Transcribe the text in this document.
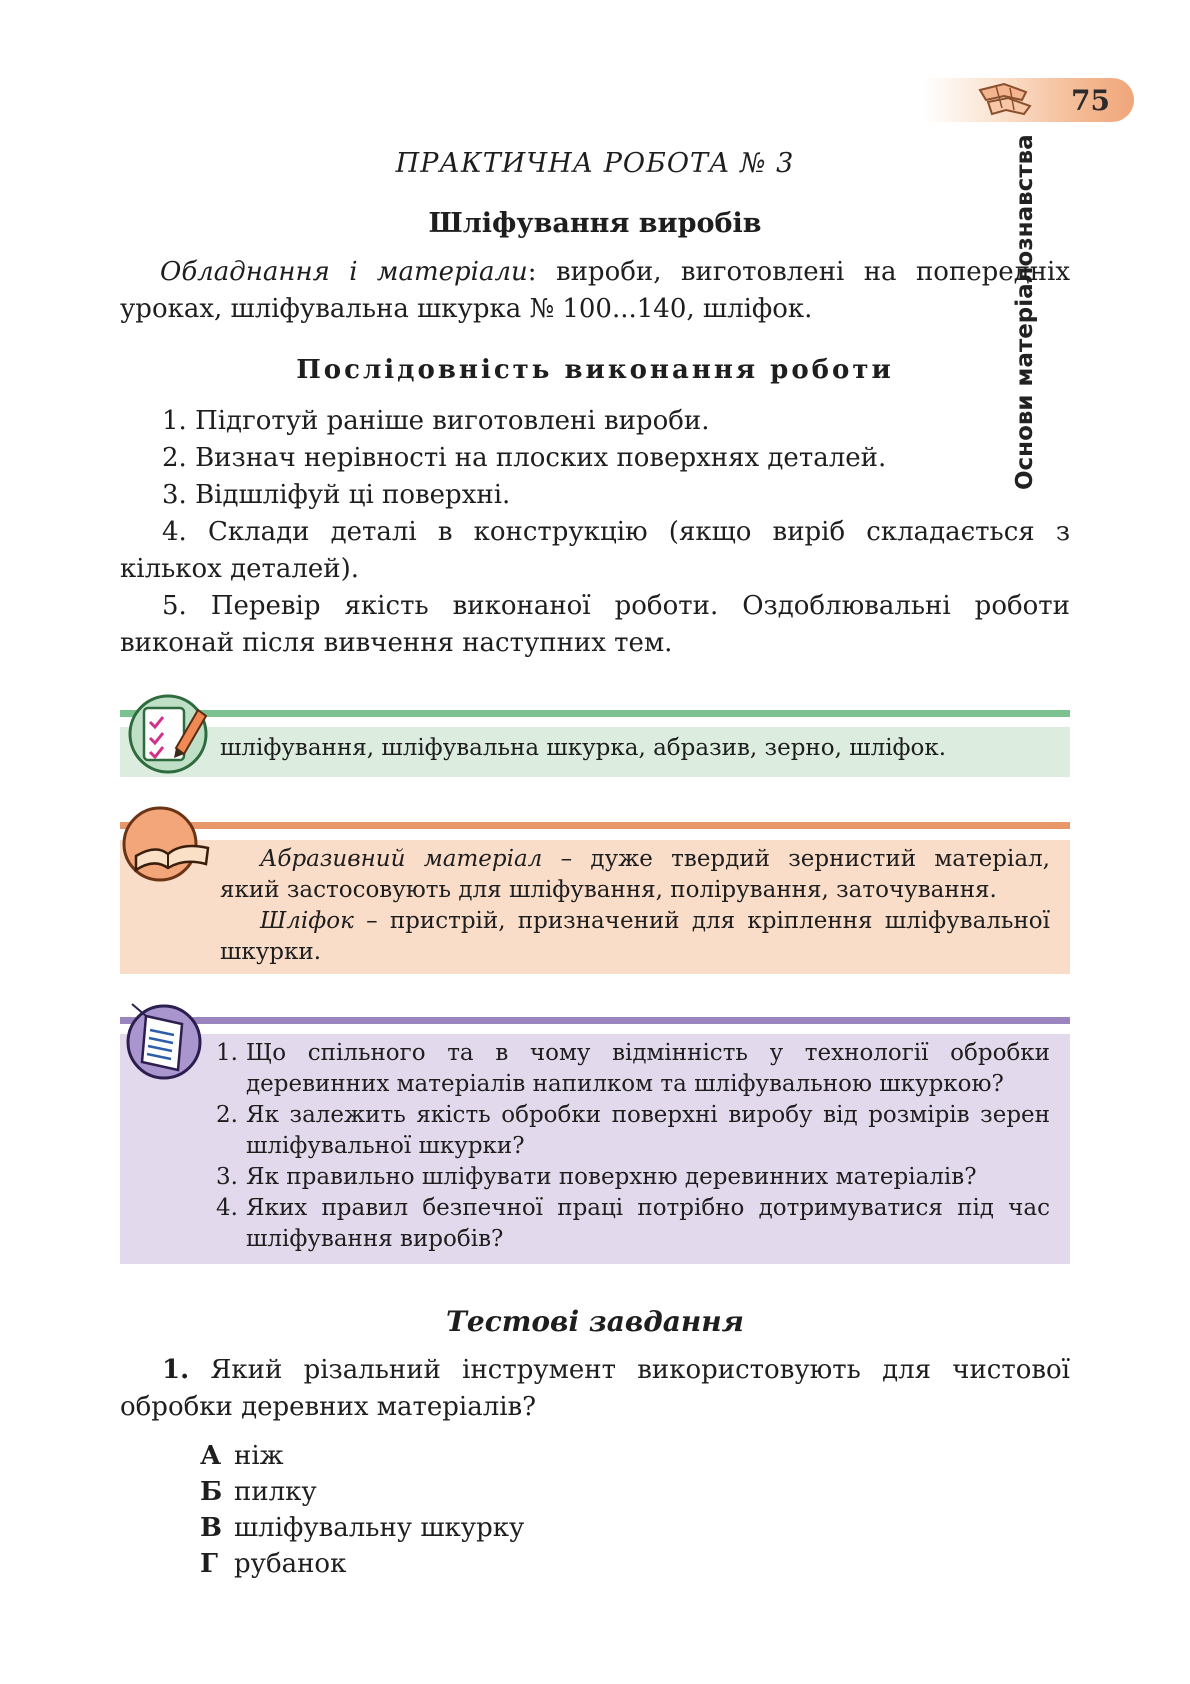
75
Основи матеріалознавства
ПРАКТИЧНА РОБОТА № 3
Шліфування виробів
Обладнання і матеріали: вироби, виготовлені на попередніх уроках, шліфувальна шкурка № 100...140, шліфок.
Послідовність виконання роботи

1. Підготуй раніше виготовлені вироби.

2. Визнач нерівності на плоских поверхнях деталей.

3. Відшліфуй ці поверхні.

4. Склади деталі в конструкцію (якщо виріб складається з кількох деталей).

5. Перевір якість виконаної роботи. Оздоблювальні роботи виконай після вивчення наступних тем.

шліфування, шліфувальна шкурка, абразив, зерно, шліфок.

Абразивний матеріал – дуже твердий зернистий матеріал, який застосовують для шліфування, полірування, заточування.

Шліфок – пристрій, призначений для кріплення шліфувальної шкурки.

1. Що спільного та в чому відмінність у технології обробки деревинних матеріалів напилком та шліфувальною шкуркою?
2. Як залежить якість обробки поверхні виробу від розмірів зерен шліфувальної шкурки?
3. Як правильно шліфувати поверхню деревинних матеріалів?
4. Яких правил безпечної праці потрібно дотримуватися під час шліфування виробів?
Тестові завдання
1. Який різальний інструмент використовують для чистової обробки деревних матеріалів?
А ніж
Б пилку
В шліфувальну шкурку
Г рубанок
